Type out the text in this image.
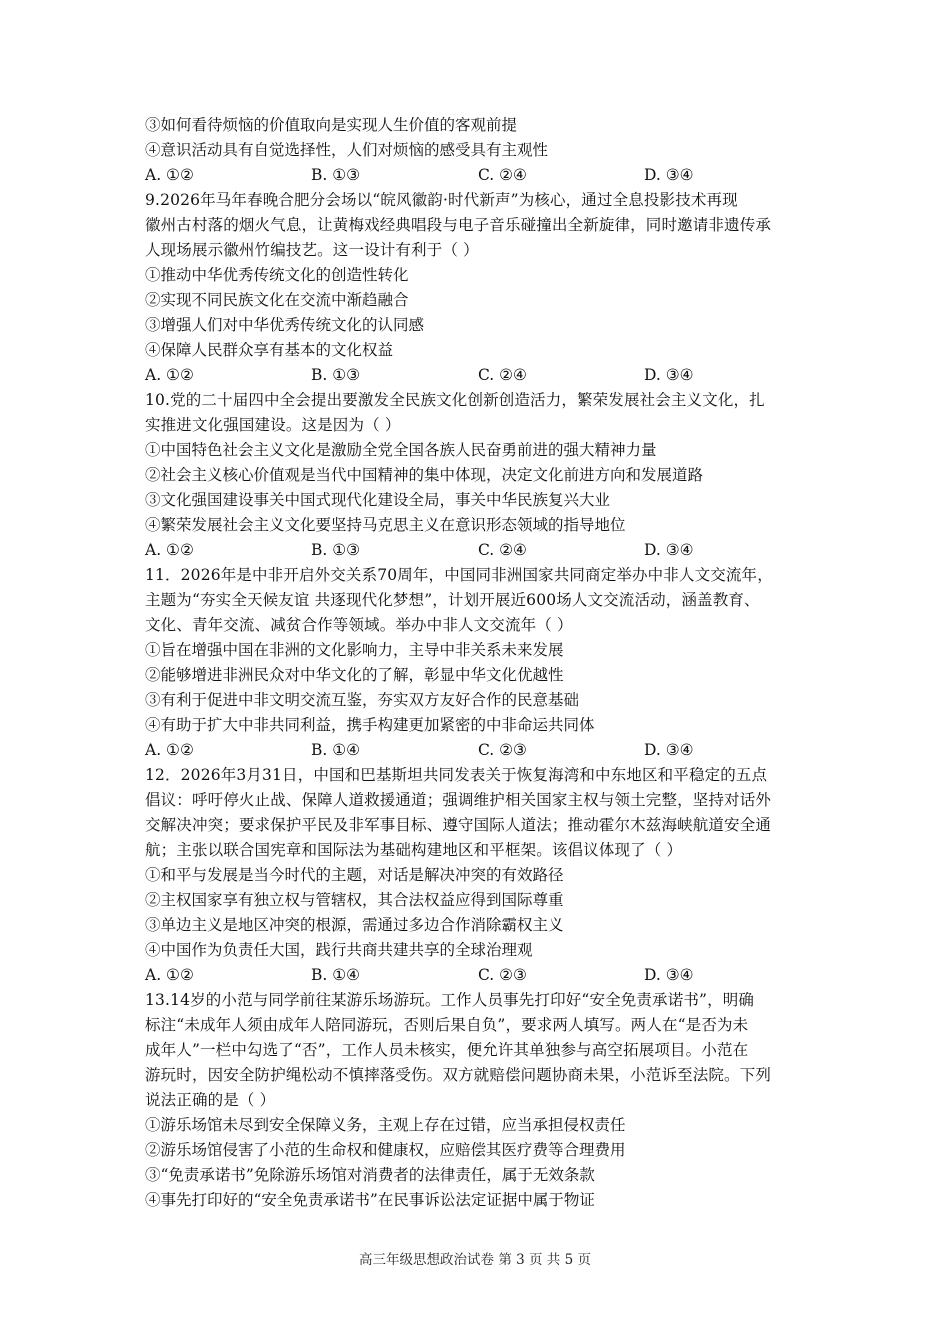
③如何看待烦恼的价值取向是实现人生价值的客观前提
④意识活动具有自觉选择性，人们对烦恼的感受具有主观性
A. ①②	B. ①③	C. ②④	D. ③④
9.2026年马年春晚合肥分会场以“皖风徽韵·时代新声”为核心，通过全息投影技术再现
徽州古村落的烟火气息，让黄梅戏经典唱段与电子音乐碰撞出全新旋律，同时邀请非遗传承
人现场展示徽州竹编技艺。这一设计有利于（ ）
①推动中华优秀传统文化的创造性转化
②实现不同民族文化在交流中渐趋融合
③增强人们对中华优秀传统文化的认同感
④保障人民群众享有基本的文化权益
A. ①②	B. ①③	C. ②④	D. ③④
10.党的二十届四中全会提出要激发全民族文化创新创造活力，繁荣发展社会主义文化，扎
实推进文化强国建设。这是因为（ ）
①中国特色社会主义文化是激励全党全国各族人民奋勇前进的强大精神力量
②社会主义核心价值观是当代中国精神的集中体现，决定文化前进方向和发展道路
③文化强国建设事关中国式现代化建设全局，事关中华民族复兴大业
④繁荣发展社会主义文化要坚持马克思主义在意识形态领域的指导地位
A. ①②	B. ①③	C. ②④	D. ③④
11．2026年是中非开启外交关系70周年，中国同非洲国家共同商定举办中非人文交流年，
主题为“夯实全天候友谊 共逐现代化梦想”，计划开展近600场人文交流活动，涵盖教育、
文化、青年交流、减贫合作等领域。举办中非人文交流年（ ）
①旨在增强中国在非洲的文化影响力，主导中非关系未来发展
②能够增进非洲民众对中华文化的了解，彰显中华文化优越性
③有利于促进中非文明交流互鉴，夯实双方友好合作的民意基础
④有助于扩大中非共同利益，携手构建更加紧密的中非命运共同体
A. ①②	B. ①④	C. ②③	D. ③④
12．2026年3月31日，中国和巴基斯坦共同发表关于恢复海湾和中东地区和平稳定的五点
倡议：呼吁停火止战、保障人道救援通道；强调维护相关国家主权与领土完整，坚持对话外
交解决冲突；要求保护平民及非军事目标、遵守国际人道法；推动霍尔木兹海峡航道安全通
航；主张以联合国宪章和国际法为基础构建地区和平框架。该倡议体现了（ ）
①和平与发展是当今时代的主题，对话是解决冲突的有效路径
②主权国家享有独立权与管辖权，其合法权益应得到国际尊重
③单边主义是地区冲突的根源，需通过多边合作消除霸权主义
④中国作为负责任大国，践行共商共建共享的全球治理观
A. ①②	B. ①④	C. ②③	D. ③④
13.14岁的小范与同学前往某游乐场游玩。工作人员事先打印好“安全免责承诺书”，明确
标注“未成年人须由成年人陪同游玩，否则后果自负”，要求两人填写。两人在“是否为未
成年人”一栏中勾选了“否”，工作人员未核实，便允许其单独参与高空拓展项目。小范在
游玩时，因安全防护绳松动不慎摔落受伤。双方就赔偿问题协商未果，小范诉至法院。下列
说法正确的是（ ）
①游乐场馆未尽到安全保障义务，主观上存在过错，应当承担侵权责任
②游乐场馆侵害了小范的生命权和健康权，应赔偿其医疗费等合理费用
③“免责承诺书”免除游乐场馆对消费者的法律责任，属于无效条款
④事先打印好的“安全免责承诺书”在民事诉讼法定证据中属于物证
高三年级思想政治试卷 第 3 页 共 5 页
